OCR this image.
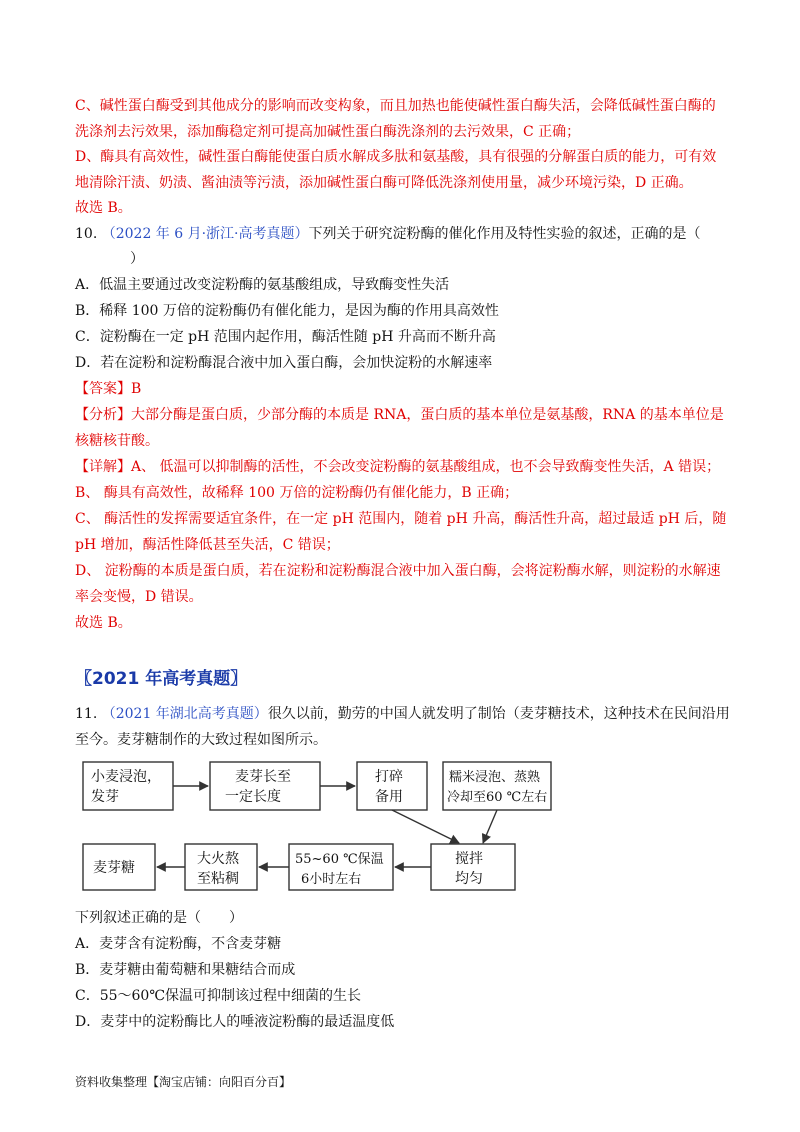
C、碱性蛋白酶受到其他成分的影响而改变构象，而且加热也能使碱性蛋白酶失活，会降低碱性蛋白酶的
洗涤剂去污效果，添加酶稳定剂可提高加碱性蛋白酶洗涤剂的去污效果，C 正确；
D、酶具有高效性，碱性蛋白酶能使蛋白质水解成多肽和氨基酸，具有很强的分解蛋白质的能力，可有效
地清除汗渍、奶渍、酱油渍等污渍，添加碱性蛋白酶可降低洗涤剂使用量，减少环境污染，D 正确。
故选 B。
10. （2022 年 6 月·浙江·高考真题）下列关于研究淀粉酶的催化作用及特性实验的叙述，正确的是（
）
A．低温主要通过改变淀粉酶的氨基酸组成，导致酶变性失活
B．稀释 100 万倍的淀粉酶仍有催化能力，是因为酶的作用具高效性
C．淀粉酶在一定 pH 范围内起作用，酶活性随 pH 升高而不断升高
D．若在淀粉和淀粉酶混合液中加入蛋白酶，会加快淀粉的水解速率
【答案】B
【分析】大部分酶是蛋白质，少部分酶的本质是 RNA，蛋白质的基本单位是氨基酸，RNA 的基本单位是
核糖核苷酸。
【详解】A、 低温可以抑制酶的活性，不会改变淀粉酶的氨基酸组成，也不会导致酶变性失活，A 错误；
B、 酶具有高效性，故稀释 100 万倍的淀粉酶仍有催化能力，B 正确；
C、 酶活性的发挥需要适宜条件，在一定 pH 范围内，随着 pH 升高，酶活性升高，超过最适 pH 后，随
pH 增加，酶活性降低甚至失活，C 错误；
D、 淀粉酶的本质是蛋白质，若在淀粉和淀粉酶混合液中加入蛋白酶，会将淀粉酶水解，则淀粉的水解速
率会变慢，D 错误。
故选 B。
〖2021 年高考真题〗
11. （2021 年湖北高考真题）很久以前，勤劳的中国人就发明了制饴（麦芽糖技术，这种技术在民间沿用
至今。麦芽糖制作的大致过程如图所示。
小麦浸泡，
发芽
麦芽长至
一定长度
打碎
备用
糯米浸泡、蒸熟
冷却至60 ℃左右
搅拌
均匀
55~60 ℃保温
6小时左右
大火熬
至粘稠
麦芽糖
下列叙述正确的是（　　）
A．麦芽含有淀粉酶，不含麦芽糖
B．麦芽糖由葡萄糖和果糖结合而成
C．55～60℃保温可抑制该过程中细菌的生长
D．麦芽中的淀粉酶比人的唾液淀粉酶的最适温度低
资料收集整理【淘宝店铺：向阳百分百】
